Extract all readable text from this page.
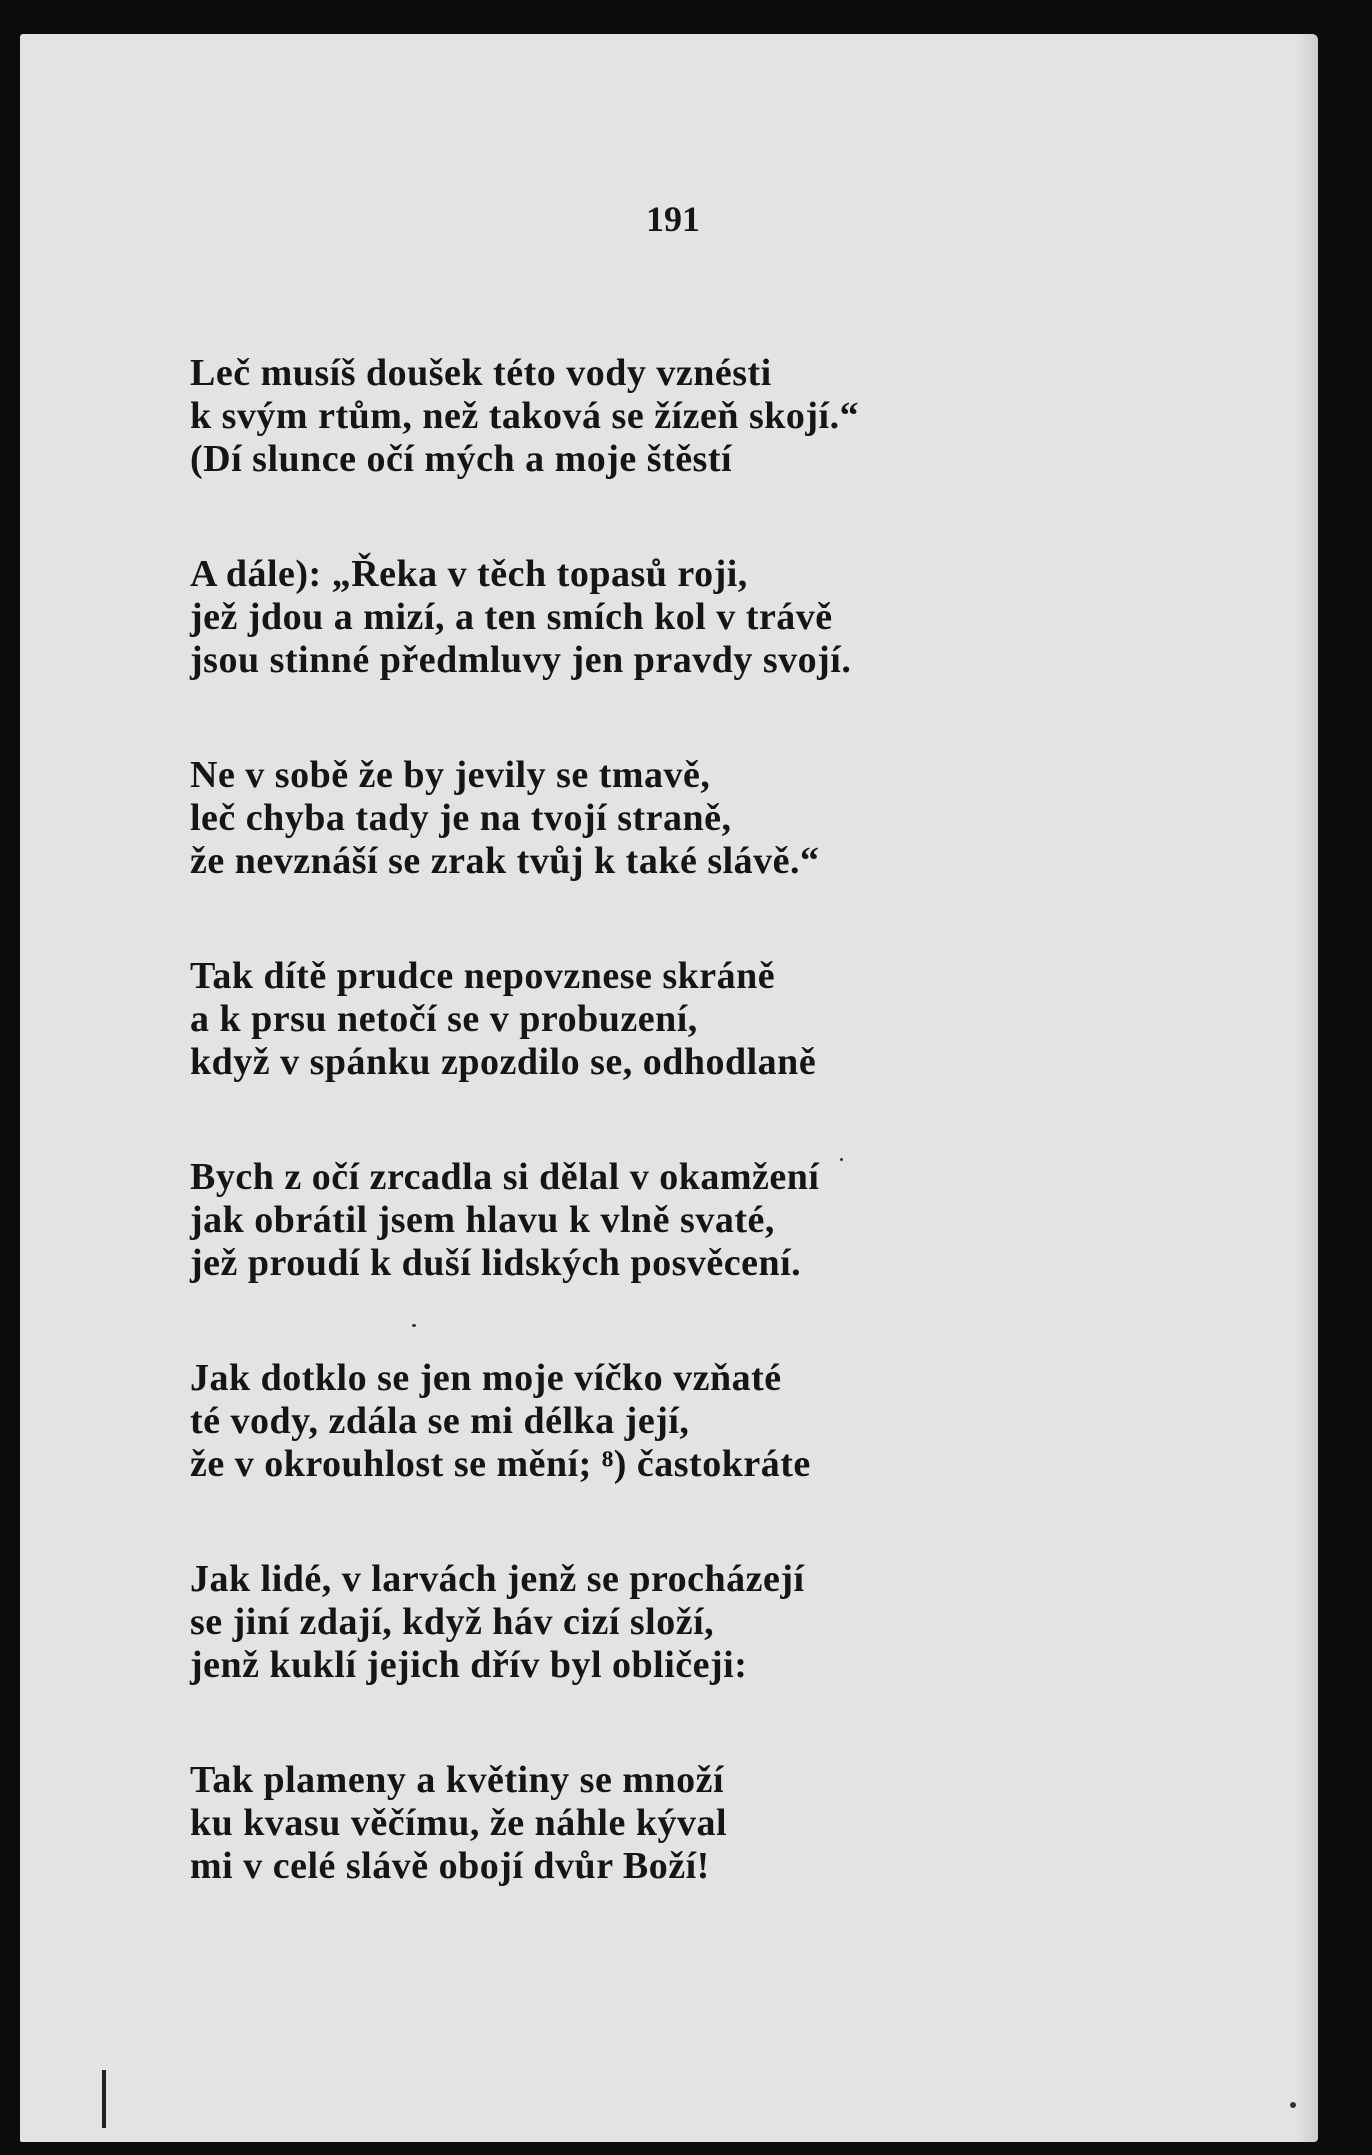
191
Leč musíš doušek této vody vznésti
k svým rtům, než taková se žízeň skojí.“
(Dí slunce očí mých a moje štěstí
A dále): „Řeka v těch topasů roji,
jež jdou a mizí, a ten smích kol v trávě
jsou stinné předmluvy jen pravdy svojí.
Ne v sobě že by jevily se tmavě,
leč chyba tady je na tvojí straně,
že nevznáší se zrak tvůj k také slávě.“
Tak dítě prudce nepovznese skráně
a k prsu netočí se v probuzení,
když v spánku zpozdilo se, odhodlaně
Bych z očí zrcadla si dělal v okamžení
jak obrátil jsem hlavu k vlně svaté,
jež proudí k duší lidských posvěcení.
Jak dotklo se jen moje víčko vzňaté
té vody, zdála se mi délka její,
že v okrouhlost se mění; ⁸) častokráte
Jak lidé, v larvách jenž se procházejí
se jiní zdají, když háv cizí složí,
jenž kuklí jejich dřív byl obličeji:
Tak plameny a květiny se množí
ku kvasu věčímu, že náhle kýval
mi v celé slávě obojí dvůr Boží!
